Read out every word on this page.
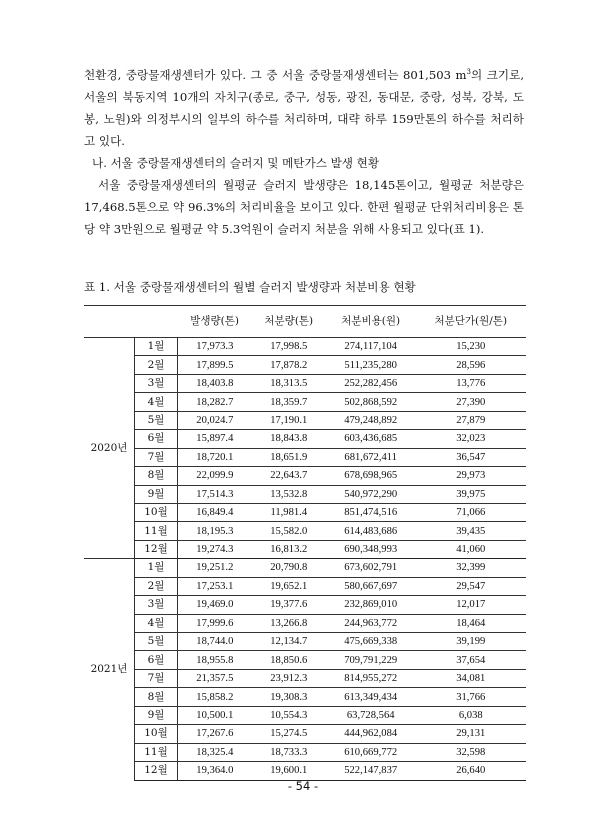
천환경, 중랑물재생센터가 있다. 그 중 서울 중랑물재생센터는 801,503 $m^3$의 크기로, 서울의 북동지역 10개의 자치구(종로, 중구, 성동, 광진, 동대문, 중랑, 성북, 강북, 도봉, 노원)와 의정부시의 일부의 하수를 처리하며, 대략 하루 159만톤의 하수를 처리하고 있다.

나. 서울 중랑물재생센터의 슬러지 및 메탄가스 발생 현황

서울 중랑물재생센터의 월평균 슬러지 발생량은 18,145톤이고, 월평균 처분량은 17,468.5톤으로 약 96.3%의 처리비율을 보이고 있다. 한편 월평균 단위처리비용은 톤당 약 3만원으로 월평균 약 5.3억원이 슬러지 처분을 위해 사용되고 있다(표 1).

표 1. 서울 중랑물재생센터의 월별 슬러지 발생량과 처분비용 현황

		발생량(톤)	처분량(톤)	처분비용(원)	처분단가(원/톤)
2020년	1월	17,973.3	17,998.5	274,117,104	15,230
	2월	17,899.5	17,878.2	511,235,280	28,596
	3월	18,403.8	18,313.5	252,282,456	13,776
	4월	18,282.7	18,359.7	502,868,592	27,390
	5월	20,024.7	17,190.1	479,248,892	27,879
	6월	15,897.4	18,843.8	603,436,685	32,023
	7월	18,720.1	18,651.9	681,672,411	36,547
	8월	22,099.9	22,643.7	678,698,965	29,973
	9월	17,514.3	13,532.8	540,972,290	39,975
	10월	16,849.4	11,981.4	851,474,516	71,066
	11월	18,195.3	15,582.0	614,483,686	39,435
	12월	19,274.3	16,813.2	690,348,993	41,060
2021년	1월	19,251.2	20,790.8	673,602,791	32,399
	2월	17,253.1	19,652.1	580,667,697	29,547
	3월	19,469.0	19,377.6	232,869,010	12,017
	4월	17,999.6	13,266.8	244,963,772	18,464
	5월	18,744.0	12,134.7	475,669,338	39,199
	6월	18,955.8	18,850.6	709,791,229	37,654
	7월	21,357.5	23,912.3	814,955,272	34,081
	8월	15,858.2	19,308.3	613,349,434	31,766
	9월	10,500.1	10,554.3	63,728,564	6,038
	10월	17,267.6	15,274.5	444,962,084	29,131
	11월	18,325.4	18,733.3	610,669,772	32,598
	12월	19,364.0	19,600.1	522,147,837	26,640
- 54 -
